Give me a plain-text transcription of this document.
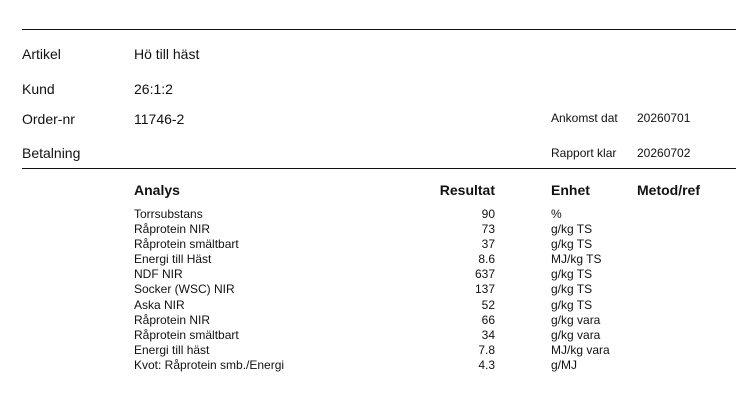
Artikel	Hö till häst
Kund	26:1:2
Order-nr	11746-2
Betalning
Ankomst dat 20260701
Rapport klar 20260702
Analys	Resultat	Enhet	Metod/ref
Torrsubstans	90	%
Råprotein NIR	73	g/kg TS
Råprotein smältbart	37	g/kg TS
Energi till Häst	8.6	MJ/kg TS
NDF NIR	637	g/kg TS
Socker (WSC) NIR	137	g/kg TS
Aska NIR	52	g/kg TS
Råprotein NIR	66	g/kg vara
Råprotein smältbart	34	g/kg vara
Energi till häst	7.8	MJ/kg vara
Kvot: Råprotein smb./Energi	4.3	g/MJ
